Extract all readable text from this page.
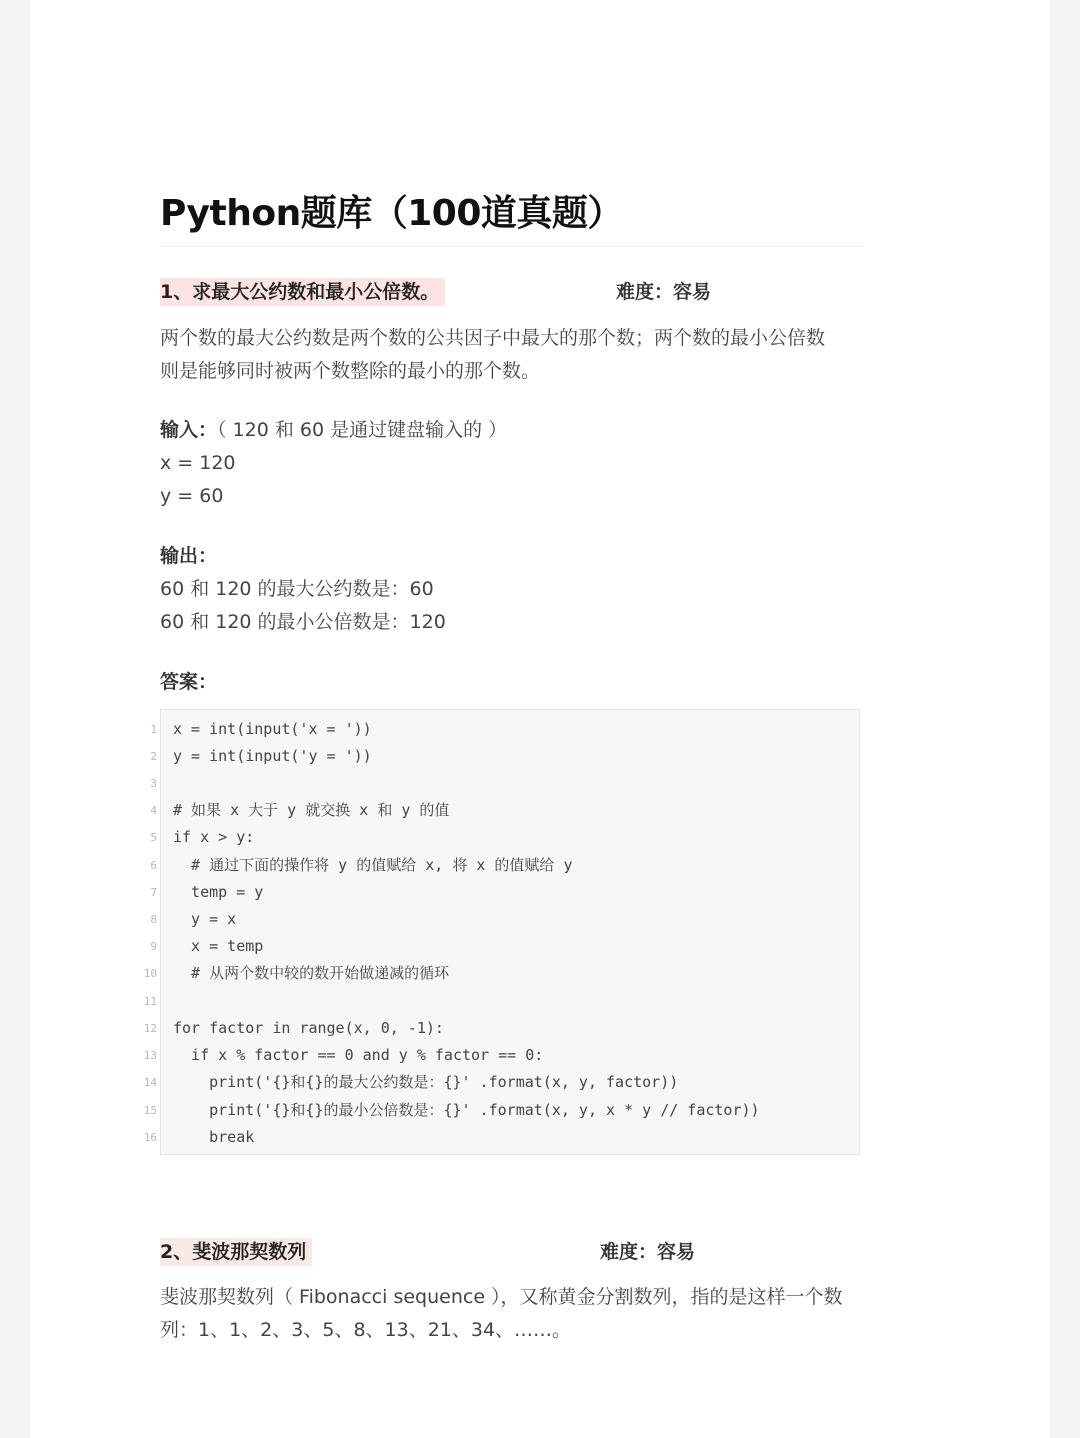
Python题库（100道真题）
1、求最大公约数和最小公倍数。	难度：容易
两个数的最大公约数是两个数的公共因子中最大的那个数；两个数的最小公倍数
则是能够同时被两个数整除的最小的那个数。
输入：（ 120 和 60 是通过键盘输入的 ）
x = 120
y = 60
输出：
60 和 120 的最大公约数是：60
60 和 120 的最小公倍数是：120
答案：
1 x = int(input('x = '))
2 y = int(input('y = '))
3
4 # 如果 x 大于 y 就交换 x 和 y 的值
5 if x > y:
6 # 通过下面的操作将 y 的值赋给 x, 将 x 的值赋给 y
7 temp = y
8 y = x
9 x = temp
10 # 从两个数中较的数开始做递减的循环
11
12 for factor in range(x, 0, -1):
13 if x % factor == 0 and y % factor == 0:
14 print('{}和{}的最大公约数是：{}' .format(x, y, factor))
15 print('{}和{}的最小公倍数是：{}' .format(x, y, x * y // factor))
16 break
2、斐波那契数列	难度：容易
斐波那契数列（ Fibonacci sequence ），又称黄金分割数列，指的是这样一个数
列：1、1、2、3、5、8、13、21、34、……。
